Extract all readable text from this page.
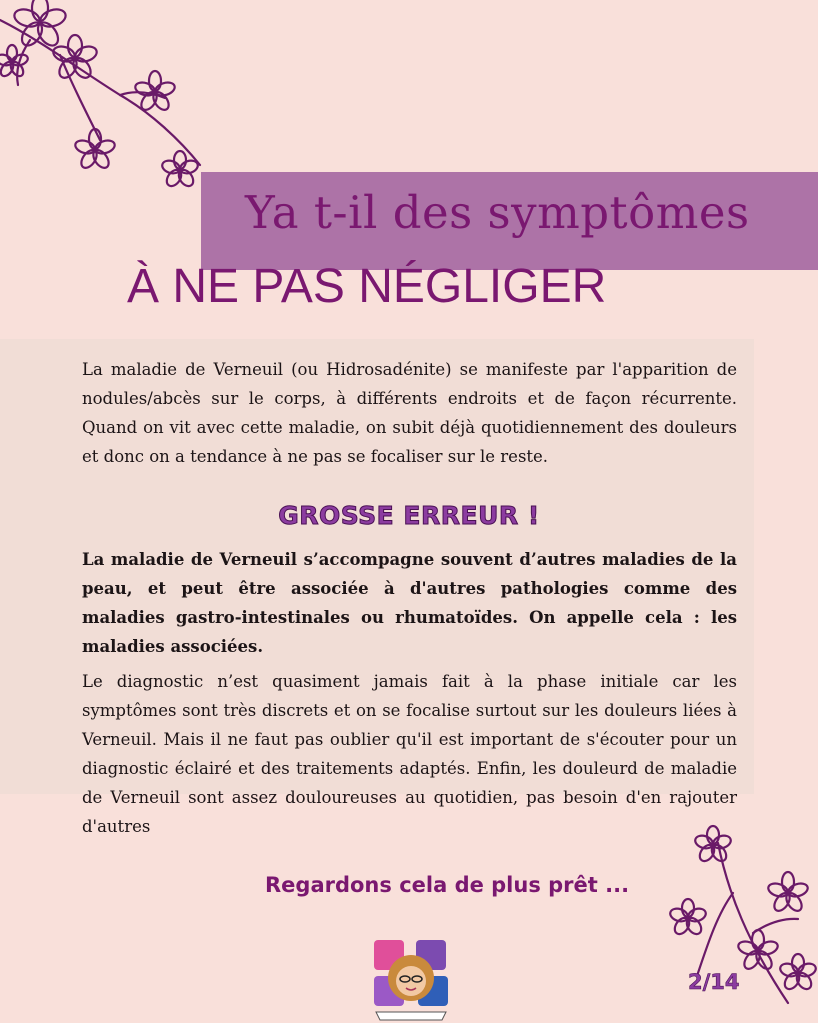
Ya t-il des symptômes
À NE PAS NÉGLIGER

La maladie de Verneuil (ou Hidrosadénite) se manifeste par l'apparition de nodules/abcès sur le corps, à différents endroits et de façon récurrente. Quand on vit avec cette maladie, on subit déjà quotidiennement des douleurs et donc on a tendance à ne pas se focaliser sur le reste.

GROSSE ERREUR !

La maladie de Verneuil s’accompagne souvent d’autres maladies de la peau, et peut être associée à d'autres pathologies comme des maladies gastro-intestinales ou rhumatoïdes. On appelle cela : les maladies associées.

Le diagnostic n’est quasiment jamais fait à la phase initiale car les symptômes sont très discrets et on se focalise surtout sur les douleurs liées à Verneuil. Mais il ne faut pas oublier qu'il est important de s'écouter pour un diagnostic éclairé et des traitements adaptés. Enfin, les douleurd de maladie de Verneuil sont assez douloureuses au quotidien, pas besoin d'en rajouter d'autres

Regardons cela de plus prêt ...
2/14
